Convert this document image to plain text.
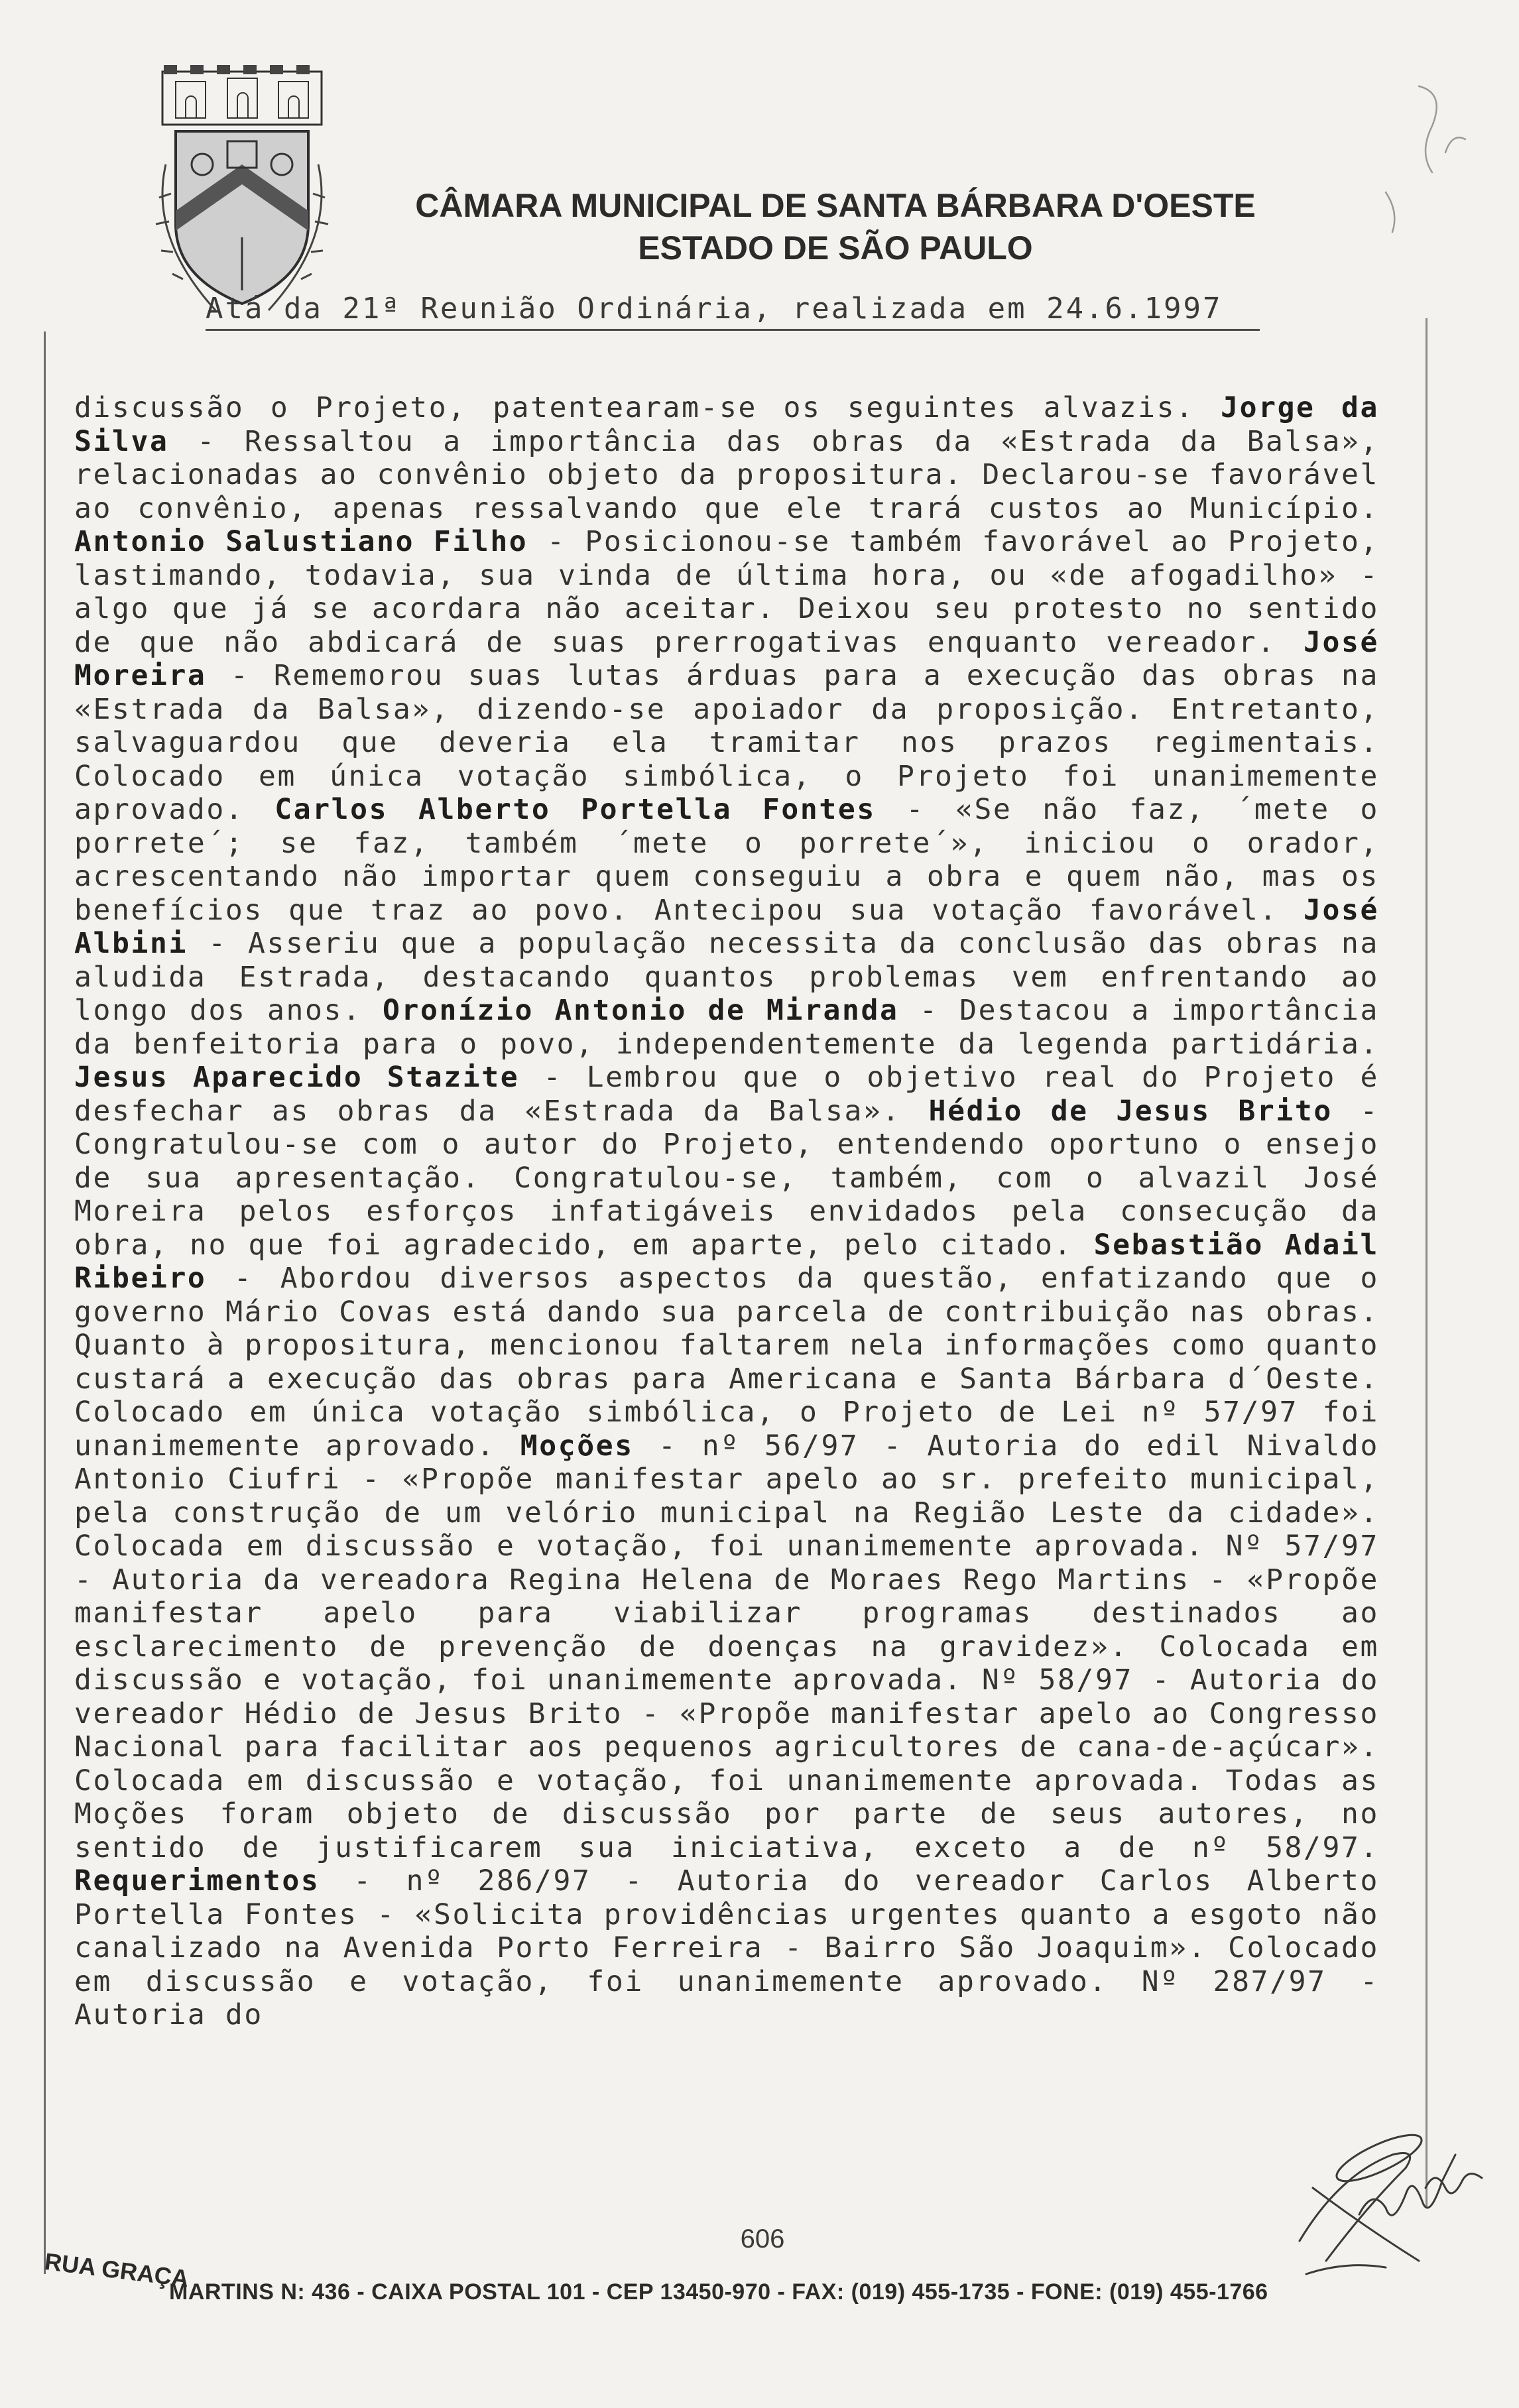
CÂMARA MUNICIPAL DE SANTA BÁRBARA D'OESTE
ESTADO DE SÃO PAULO
Atá da 21ª Reunião Ordinária, realizada em 24.6.1997
discussão o Projeto, patentearam-se os seguintes alvazis. Jorge da Silva - Ressaltou a importância das obras da «Estrada da Balsa», relacionadas ao convênio objeto da propositura. Declarou-se favorável ao convênio, apenas ressalvando que ele trará custos ao Município. Antonio Salustiano Filho - Posicionou-se também favorável ao Projeto, lastimando, todavia, sua vinda de última hora, ou «de afogadilho» - algo que já se acordara não aceitar. Deixou seu protesto no sentido de que não abdicará de suas prerrogativas enquanto vereador. José Moreira - Rememorou suas lutas árduas para a execução das obras na «Estrada da Balsa», dizendo-se apoiador da proposição. Entretanto, salvaguardou que deveria ela tramitar nos prazos regimentais. Colocado em única votação simbólica, o Projeto foi unanimemente aprovado. Carlos Alberto Portella Fontes - «Se não faz, ´mete o porrete´; se faz, também ´mete o porrete´», iniciou o orador, acrescentando não importar quem conseguiu a obra e quem não, mas os benefícios que traz ao povo. Antecipou sua votação favorável. José Albini - Asseriu que a população necessita da conclusão das obras na aludida Estrada, destacando quantos problemas vem enfrentando ao longo dos anos. Oronízio Antonio de Miranda - Destacou a importância da benfeitoria para o povo, independentemente da legenda partidária. Jesus Aparecido Stazite - Lembrou que o objetivo real do Projeto é desfechar as obras da «Estrada da Balsa». Hédio de Jesus Brito - Congratulou-se com o autor do Projeto, entendendo oportuno o ensejo de sua apresentação. Congratulou-se, também, com o alvazil José Moreira pelos esforços infatigáveis envidados pela consecução da obra, no que foi agradecido, em aparte, pelo citado. Sebastião Adail Ribeiro - Abordou diversos aspectos da questão, enfatizando que o governo Mário Covas está dando sua parcela de contribuição nas obras. Quanto à propositura, mencionou faltarem nela informações como quanto custará a execução das obras para Americana e Santa Bárbara d´Oeste. Colocado em única votação simbólica, o Projeto de Lei nº 57/97 foi unanimemente aprovado. Moções - nº 56/97 - Autoria do edil Nivaldo Antonio Ciufri - «Propõe manifestar apelo ao sr. prefeito municipal, pela construção de um velório municipal na Região Leste da cidade». Colocada em discussão e votação, foi unanimemente aprovada. Nº 57/97 - Autoria da vereadora Regina Helena de Moraes Rego Martins - «Propõe manifestar apelo para viabilizar programas destinados ao esclarecimento de prevenção de doenças na gravidez». Colocada em discussão e votação, foi unanimemente aprovada. Nº 58/97 - Autoria do vereador Hédio de Jesus Brito - «Propõe manifestar apelo ao Congresso Nacional para facilitar aos pequenos agricultores de cana-de-açúcar». Colocada em discussão e votação, foi unanimemente aprovada. Todas as Moções foram objeto de discussão por parte de seus autores, no sentido de justificarem sua iniciativa, exceto a de nº 58/97. Requerimentos - nº 286/97 - Autoria do vereador Carlos Alberto Portella Fontes - «Solicita providências urgentes quanto a esgoto não canalizado na Avenida Porto Ferreira - Bairro São Joaquim». Colocado em discussão e votação, foi unanimemente aprovado. Nº 287/97 - Autoria do
606
RUA GRAÇA
MARTINS N: 436 - CAIXA POSTAL 101 - CEP 13450-970 - FAX: (019) 455-1735 - FONE: (019) 455-1766
